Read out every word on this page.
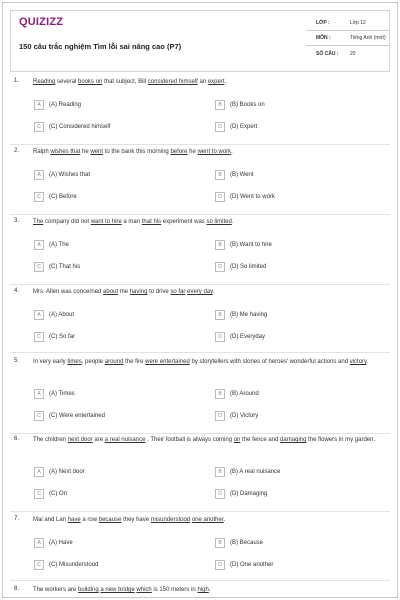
QUIZIZZ
150 câu trắc nghiệm Tìm lỗi sai nâng cao (P7)
LỚP :	Lớp 12
MÔN :	Tiếng Anh (mới)
SỐ CÂU :	20
1. Reading several books on that subject, Bill considered himself an expert.
A	(A) Reading	B	(B) Books on
C	(C) Considered himself	D	(D) Expert
2. Ralph wishes that he went to the bank this morning before he went to work.
A	(A) Wishes that	B	(B) Went
C	(C) Before	D	(D) Went to work
3. The company did not want to hire a man that his experiment was so limited.
A	(A) The	B	(B) Want to hire
C	(C) That his	D	(D) So limited
4. Mrs. Allen was concerned about me having to drive so far every day.
A	(A) About	B	(B) Me having
C	(C) So far	D	(D) Everyday
5. In very early times, people around the fire were entertained by storytellers with stories of heroes' wonderful actions and victory.
A	(A) Times	B	(B) Around
C	(C) Were entertained	D	(D) Victory
6. The children next door are a real nuisance . Their football is always coming on the fence and damaging the flowers in my garden.
A	(A) Next door	B	(B) A real nuisance
C	(C) On	D	(D) Damaging
7. Mai and Lan have a row because they have misunderstood one another.
A	(A) Have	B	(B) Because
C	(C) Misunderstood	D	(D) One another
8. The workers are building a new bridge which is 150 meters in high.
